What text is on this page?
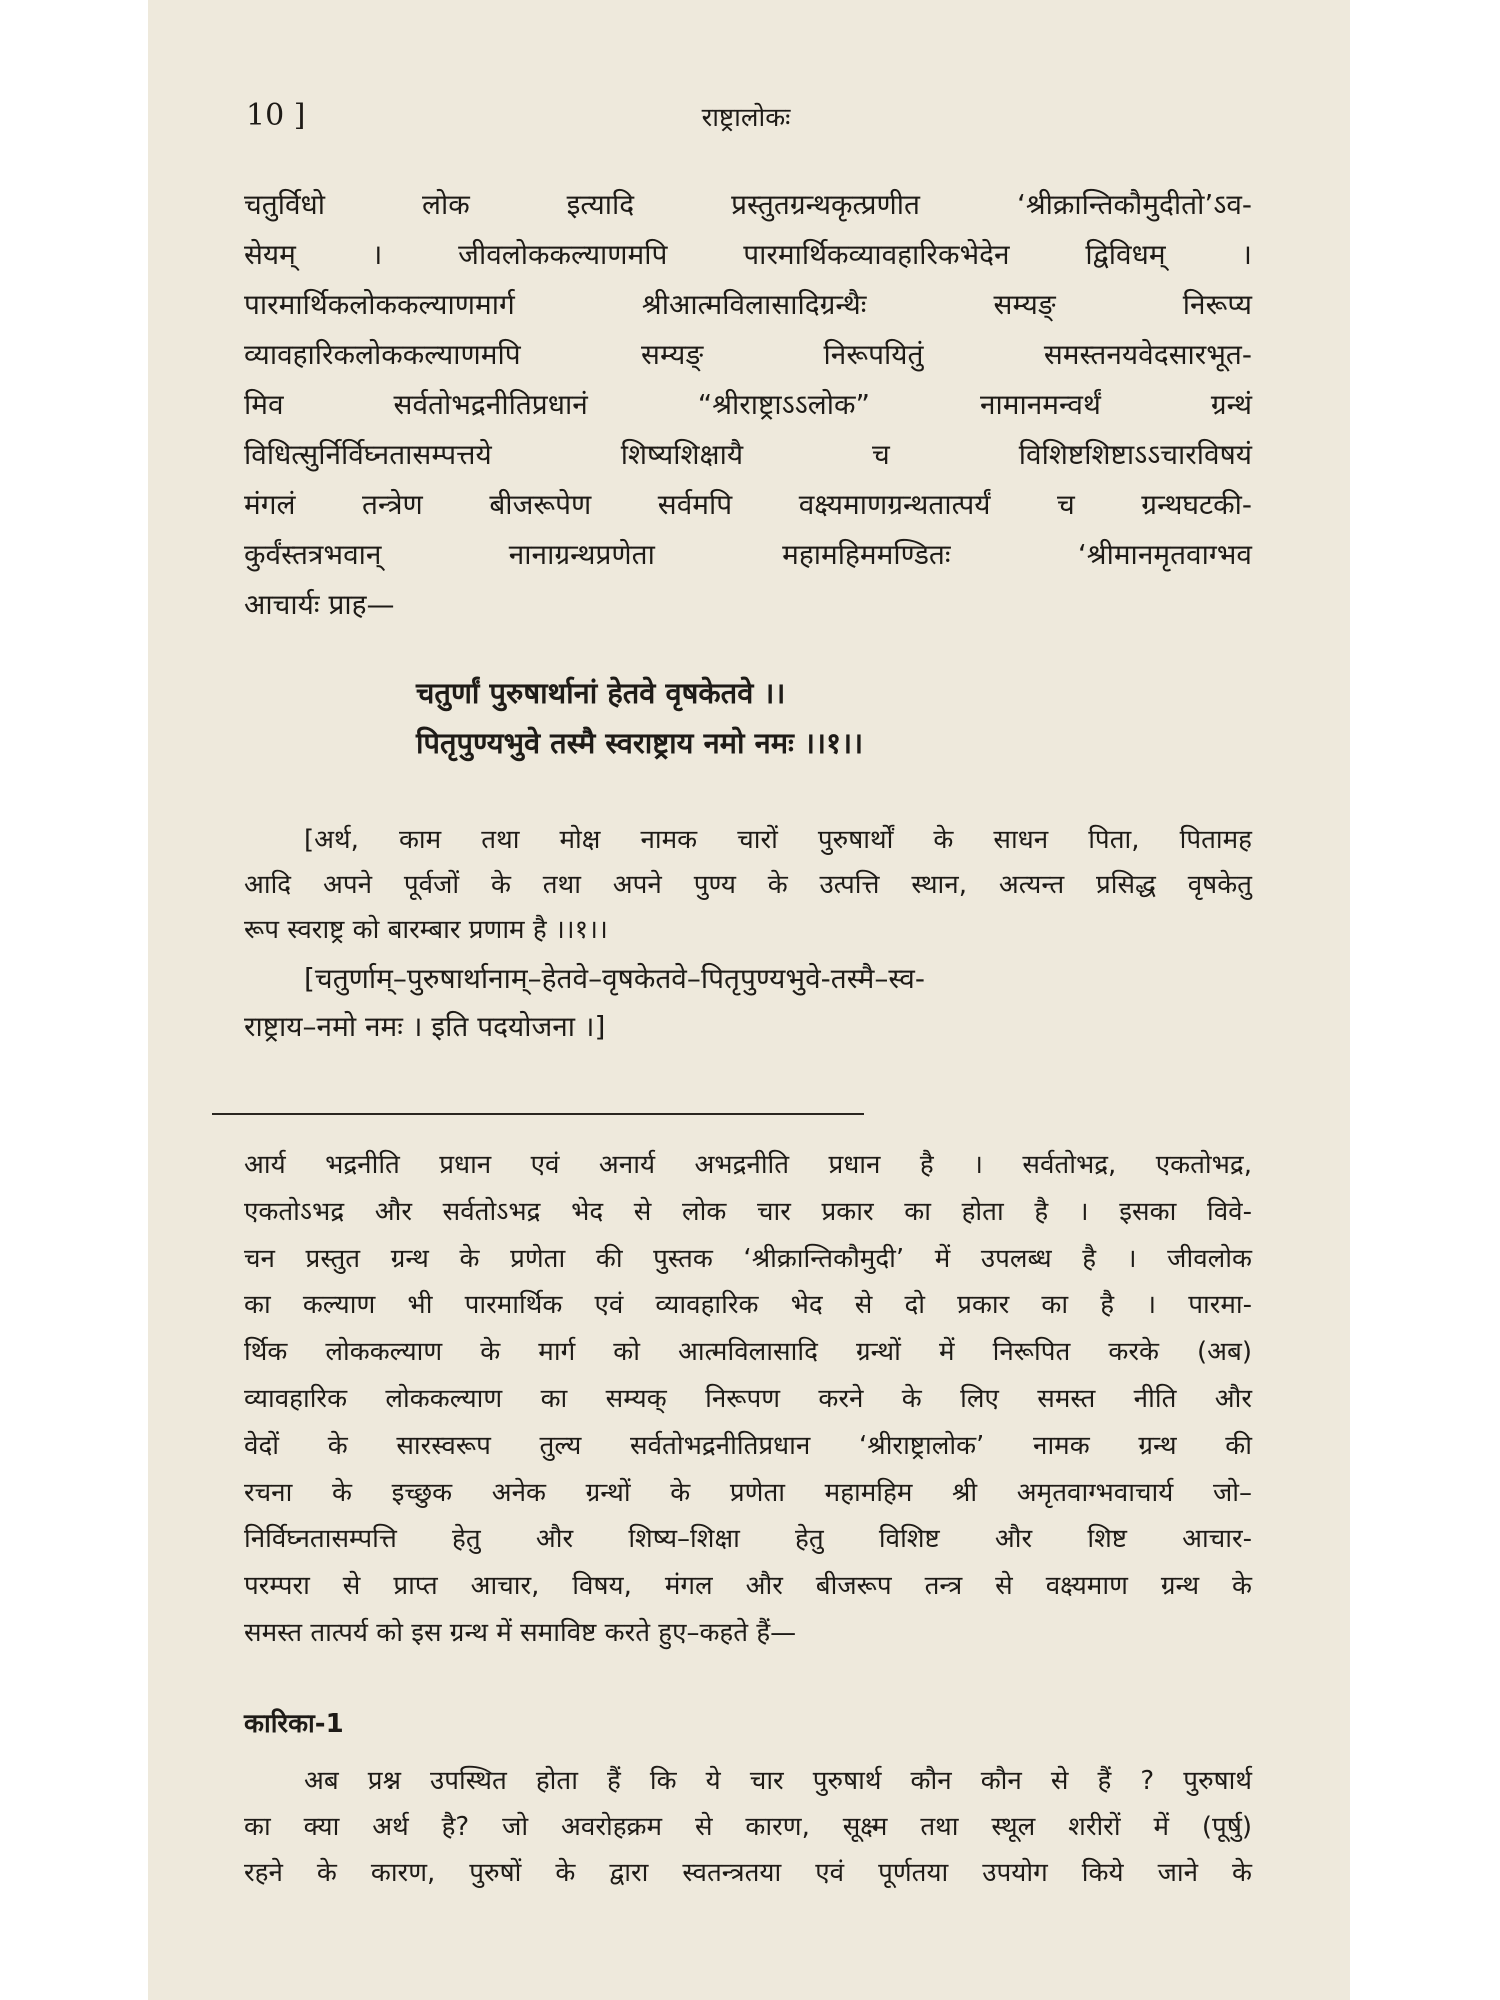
10 ]	राष्ट्रालोकः
चतुर्विधो लोक इत्यादि प्रस्तुतग्रन्थकृत्प्रणीत ‘श्रीक्रान्तिकौमुदीतो’ऽव-
सेयम् । जीवलोककल्याणमपि पारमार्थिकव्यावहारिकभेदेन द्विविधम् ।
पारमार्थिकलोककल्याणमार्ग श्रीआत्मविलासादिग्रन्थैः सम्यङ् निरूप्य
व्यावहारिकलोककल्याणमपि सम्यङ् निरूपयितुं समस्तनयवेदसारभूत-
मिव सर्वतोभद्रनीतिप्रधानं “श्रीराष्ट्राऽऽलोक” नामानमन्वर्थं ग्रन्थं
विधित्सुर्निर्विघ्नतासम्पत्तये शिष्यशिक्षायै च विशिष्टशिष्टाऽऽचारविषयं
मंगलं तन्त्रेण बीजरूपेण सर्वमपि वक्ष्यमाणग्रन्थतात्पर्यं च ग्रन्थघटकी-
कुर्वंस्तत्रभवान् नानाग्रन्थप्रणेता महामहिममण्डितः ‘श्रीमानमृतवाग्भव
आचार्यः प्राह—
चतुर्णां पुरुषार्थानां हेतवे वृषकेतवे ।।
पितृपुण्यभुवे तस्मै स्वराष्ट्राय नमो नमः ।।१।।
[अर्थ, काम तथा मोक्ष नामक चारों पुरुषार्थों के साधन पिता, पितामह
आदि अपने पूर्वजों के तथा अपने पुण्य के उत्पत्ति स्थान, अत्यन्त प्रसिद्ध वृषकेतु
रूप स्वराष्ट्र को बारम्बार प्रणाम है ।।१।।
[चतुर्णाम्–पुरुषार्थानाम्–हेतवे–वृषकेतवे–पितृपुण्यभुवे-तस्मै–स्व-
राष्ट्राय–नमो नमः । इति पदयोजना ।]
आर्य भद्रनीति प्रधान एवं अनार्य अभद्रनीति प्रधान है । सर्वतोभद्र, एकतोभद्र,
एकतोऽभद्र और सर्वतोऽभद्र भेद से लोक चार प्रकार का होता है । इसका विवे-
चन प्रस्तुत ग्रन्थ के प्रणेता की पुस्तक ‘श्रीक्रान्तिकौमुदी’ में उपलब्ध है । जीवलोक
का कल्याण भी पारमार्थिक एवं व्यावहारिक भेद से दो प्रकार का है । पारमा-
र्थिक लोककल्याण के मार्ग को आत्मविलासादि ग्रन्थों में निरूपित करके (अब)
व्यावहारिक लोककल्याण का सम्यक् निरूपण करने के लिए समस्त नीति और
वेदों के सारस्वरूप तुल्य सर्वतोभद्रनीतिप्रधान ‘श्रीराष्ट्रालोक’ नामक ग्रन्थ की
रचना के इच्छुक अनेक ग्रन्थों के प्रणेता महामहिम श्री अमृतवाग्भवाचार्य जो–
निर्विघ्नतासम्पत्ति हेतु और शिष्य–शिक्षा हेतु विशिष्ट और शिष्ट आचार-
परम्परा से प्राप्त आचार, विषय, मंगल और बीजरूप तन्त्र से वक्ष्यमाण ग्रन्थ के
समस्त तात्पर्य को इस ग्रन्थ में समाविष्ट करते हुए–कहते हैं—
कारिका-1
अब प्रश्न उपस्थित होता हैं कि ये चार पुरुषार्थ कौन कौन से हैं ? पुरुषार्थ
का क्या अर्थ है? जो अवरोहक्रम से कारण, सूक्ष्म तथा स्थूल शरीरों में (पूर्षु)
रहने के कारण, पुरुषों के द्वारा स्वतन्त्रतया एवं पूर्णतया उपयोग किये जाने के
